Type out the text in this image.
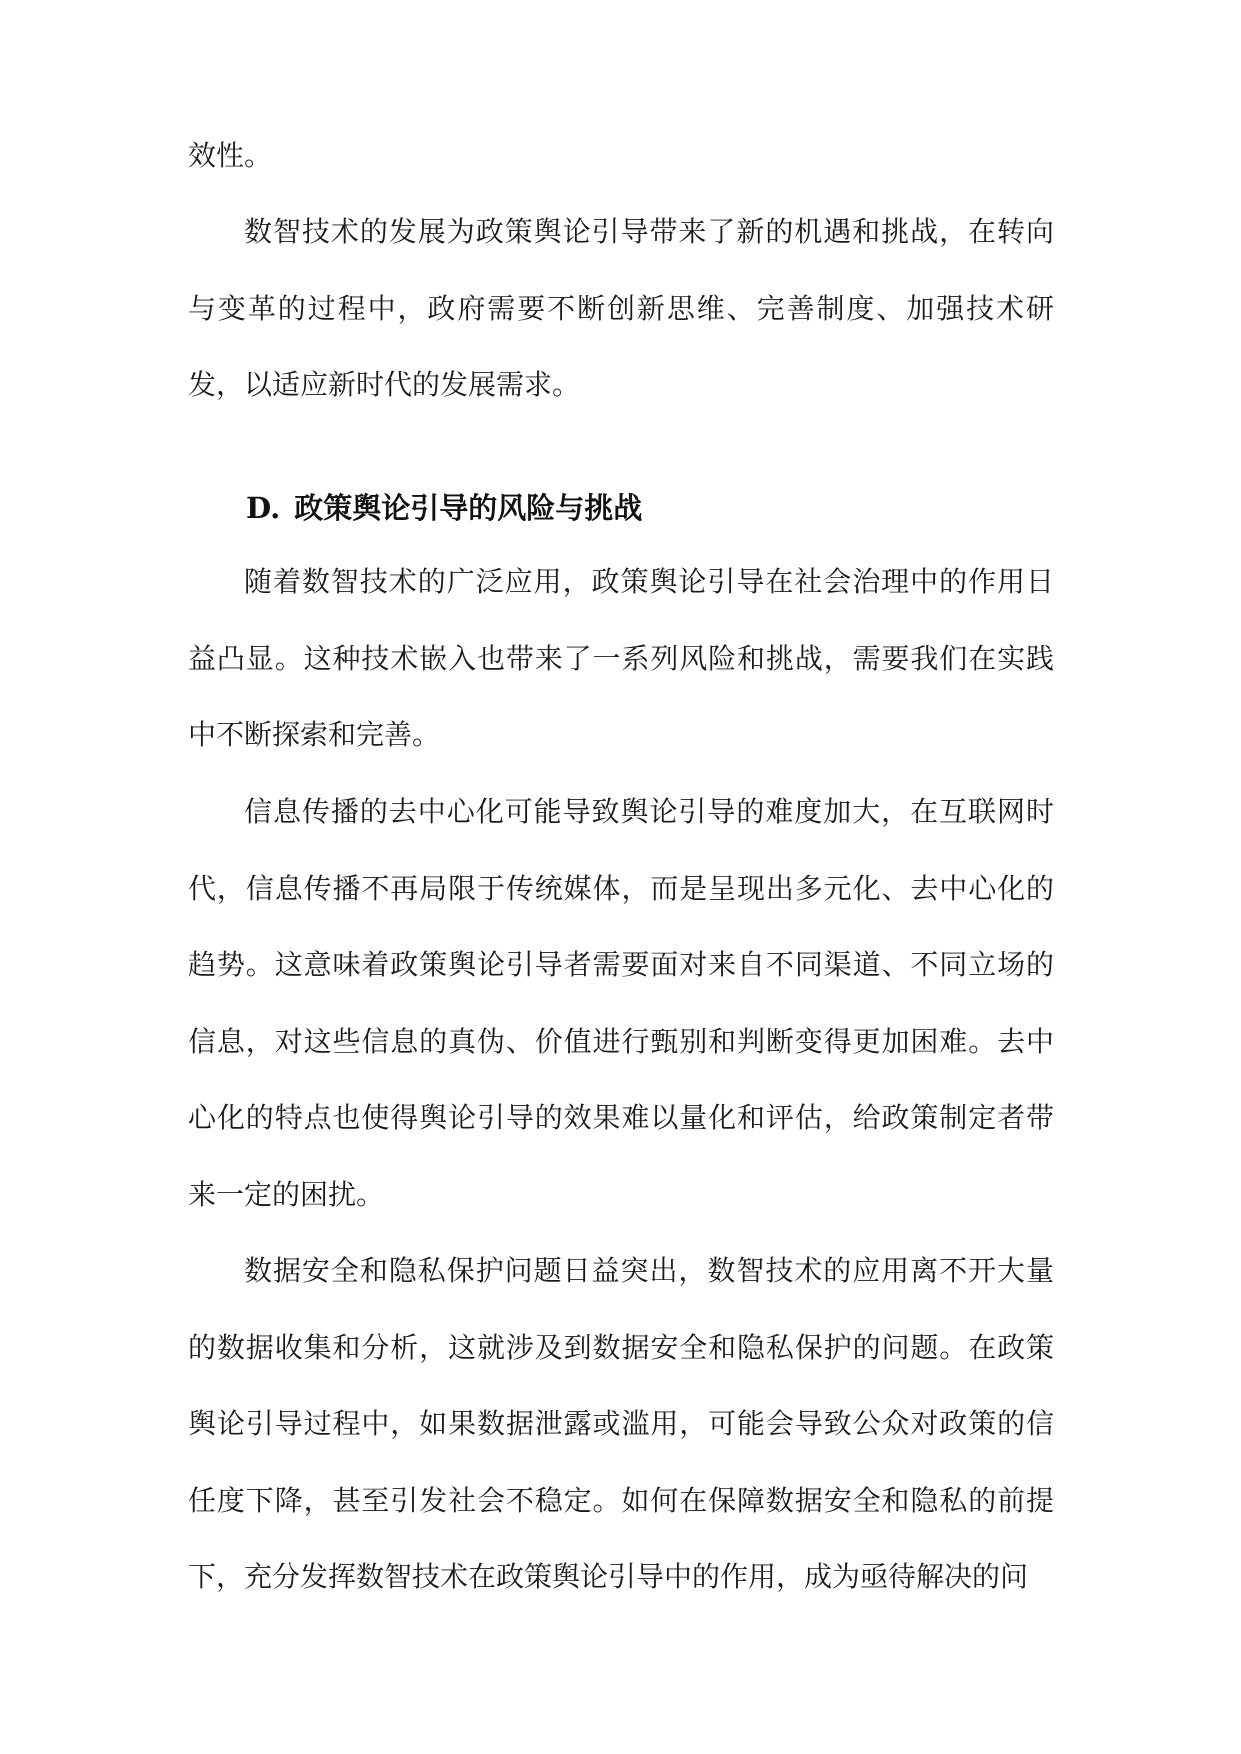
效性。

数智技术的发展为政策舆论引导带来了新的机遇和挑战，在转向与变革的过程中，政府需要不断创新思维、完善制度、加强技术研发，以适应新时代的发展需求。

D. 政策舆论引导的风险与挑战

随着数智技术的广泛应用，政策舆论引导在社会治理中的作用日益凸显。这种技术嵌入也带来了一系列风险和挑战，需要我们在实践中不断探索和完善。

信息传播的去中心化可能导致舆论引导的难度加大，在互联网时代，信息传播不再局限于传统媒体，而是呈现出多元化、去中心化的趋势。这意味着政策舆论引导者需要面对来自不同渠道、不同立场的信息，对这些信息的真伪、价值进行甄别和判断变得更加困难。去中心化的特点也使得舆论引导的效果难以量化和评估，给政策制定者带来一定的困扰。

数据安全和隐私保护问题日益突出，数智技术的应用离不开大量的数据收集和分析，这就涉及到数据安全和隐私保护的问题。在政策舆论引导过程中，如果数据泄露或滥用，可能会导致公众对政策的信任度下降，甚至引发社会不稳定。如何在保障数据安全和隐私的前提下，充分发挥数智技术在政策舆论引导中的作用，成为亟待解决的问
